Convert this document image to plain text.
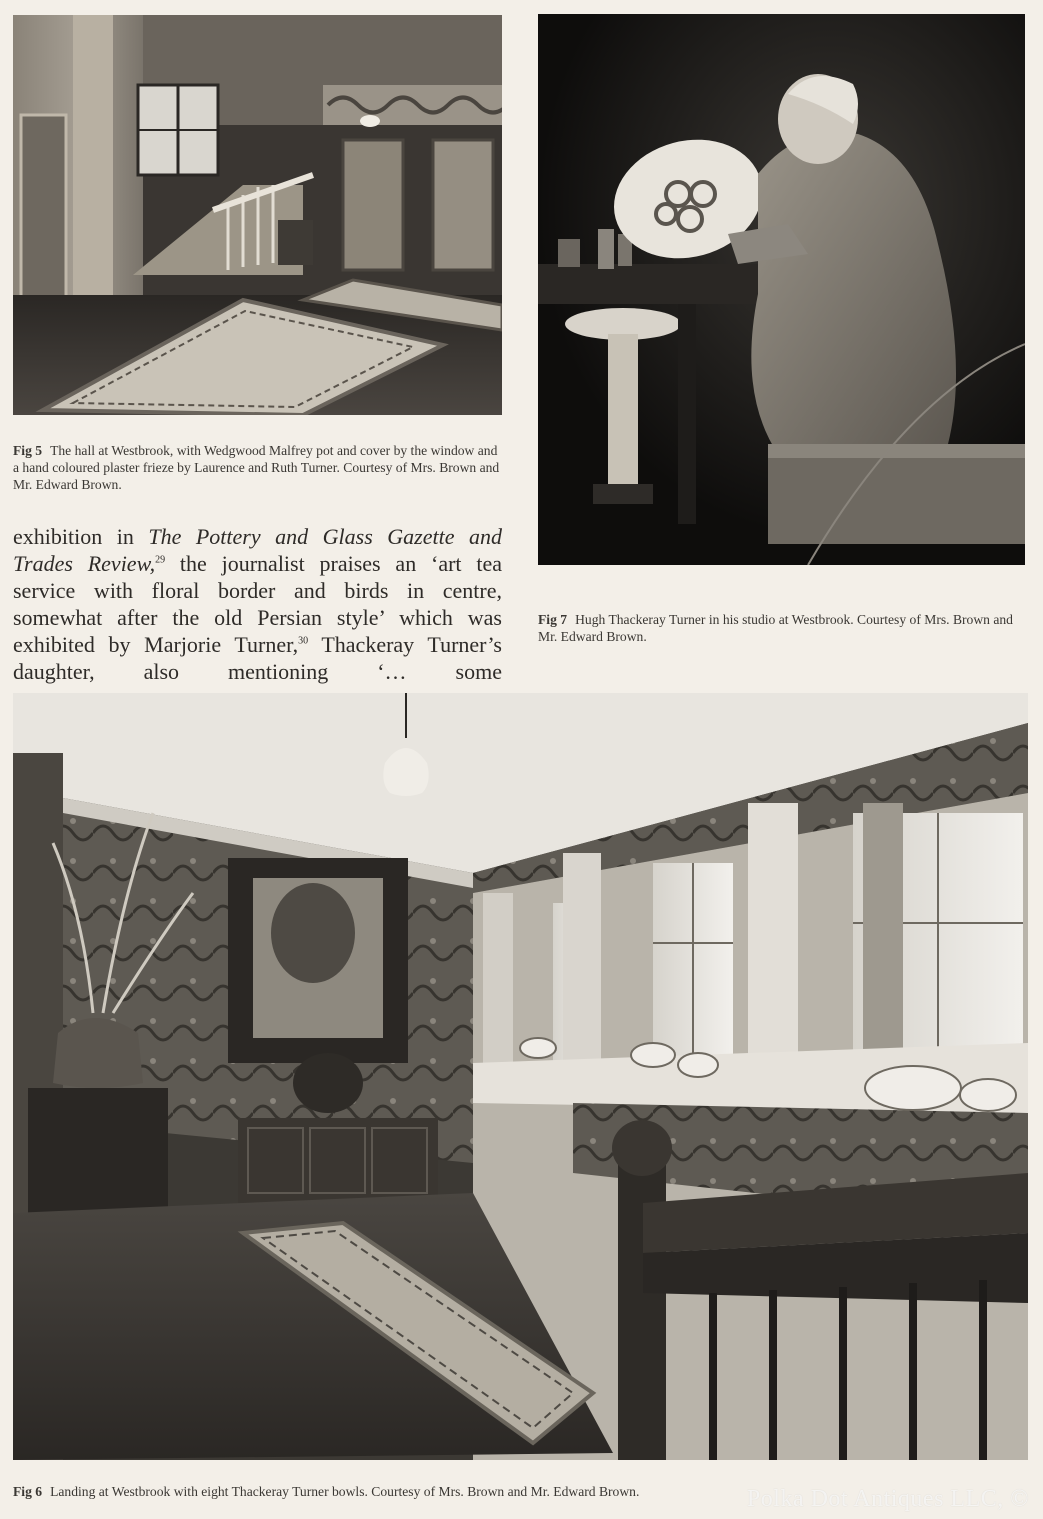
Fig 5 The hall at Westbrook, with Wedgwood Malfrey pot and cover by the window and a hand coloured plaster frieze by Laurence and Ruth Turner. Courtesy of Mrs. Brown and Mr. Edward Brown.
Fig 7 Hugh Thackeray Turner in his studio at Westbrook. Courtesy of Mrs. Brown and Mr. Edward Brown.
exhibition in The Pottery and Glass Gazette and Trades Review,$^{29}$ the journalist praises an ‘art tea service with floral border and birds in centre, somewhat after the old Persian style’ which was exhibited by Marjorie Turner,$^{30}$ Thackeray Turner’s daughter, also mentioning ‘… some
Fig 6 Landing at Westbrook with eight Thackeray Turner bowls. Courtesy of Mrs. Brown and Mr. Edward Brown.	Polka Dot Antiques LLC, ©
